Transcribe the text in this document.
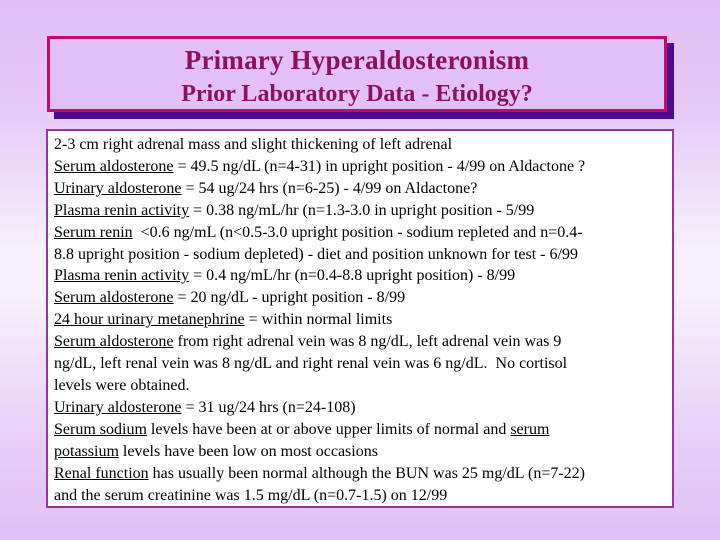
Primary Hyperaldosteronism
Prior Laboratory Data - Etiology?
2-3 cm right adrenal mass and slight thickening of left adrenal
Serum aldosterone = 49.5 ng/dL (n=4-31) in upright position - 4/99 on Aldactone ?
Urinary aldosterone = 54 ug/24 hrs (n=6-25) - 4/99 on Aldactone?
Plasma renin activity = 0.38 ng/mL/hr (n=1.3-3.0 in upright position - 5/99
Serum renin  <0.6 ng/mL (n<0.5-3.0 upright position - sodium repleted and n=0.4-
8.8 upright position - sodium depleted) - diet and position unknown for test - 6/99
Plasma renin activity = 0.4 ng/mL/hr (n=0.4-8.8 upright position) - 8/99
Serum aldosterone = 20 ng/dL - upright position - 8/99
24 hour urinary metanephrine = within normal limits
Serum aldosterone from right adrenal vein was 8 ng/dL, left adrenal vein was 9
ng/dL, left renal vein was 8 ng/dL and right renal vein was 6 ng/dL.  No cortisol
levels were obtained.
Urinary aldosterone = 31 ug/24 hrs (n=24-108)
Serum sodium levels have been at or above upper limits of normal and serum
potassium levels have been low on most occasions
Renal function has usually been normal although the BUN was 25 mg/dL (n=7-22)
and the serum creatinine was 1.5 mg/dL (n=0.7-1.5) on 12/99
